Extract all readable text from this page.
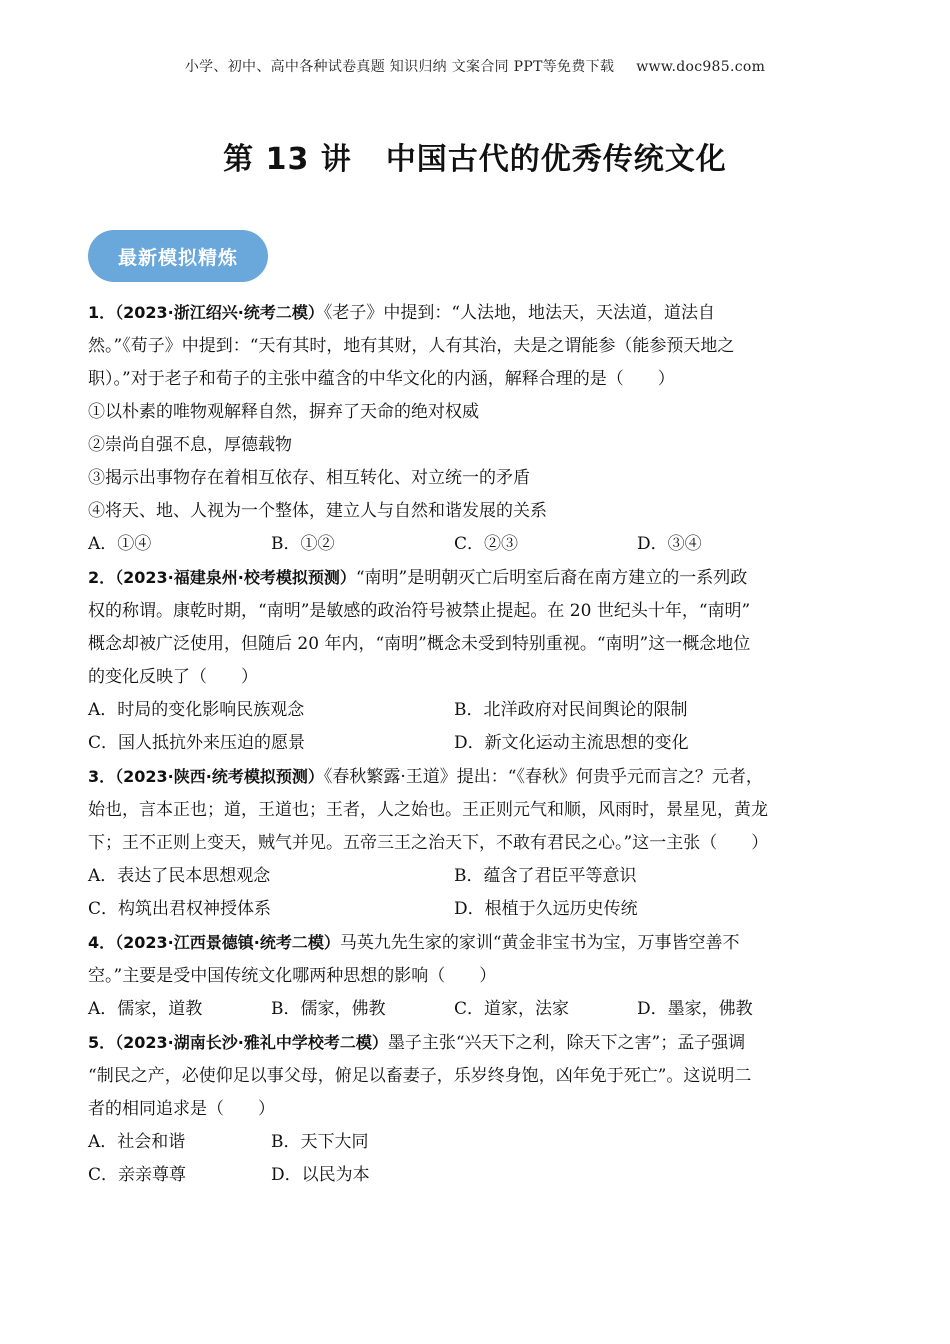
小学、初中、高中各种试卷真题 知识归纳 文案合同 PPT等免费下载 www.doc985.com
第 13 讲 中国古代的优秀传统文化
最新模拟精炼
1．（2023·浙江绍兴·统考二模）《老子》中提到：“人法地，地法天，天法道，道法自
然。”《荀子》中提到：“天有其时，地有其财，人有其治，夫是之谓能参（能参预天地之
职）。”对于老子和荀子的主张中蕴含的中华文化的内涵，解释合理的是（　　）
①以朴素的唯物观解释自然，摒弃了天命的绝对权威
②崇尚自强不息，厚德载物
③揭示出事物存在着相互依存、相互转化、对立统一的矛盾
④将天、地、人视为一个整体，建立人与自然和谐发展的关系
A．①④	B．①②	C．②③	D．③④
2．（2023·福建泉州·校考模拟预测）“南明”是明朝灭亡后明室后裔在南方建立的一系列政
权的称谓。康乾时期，“南明”是敏感的政治符号被禁止提起。在 20 世纪头十年，“南明”
概念却被广泛使用，但随后 20 年内，“南明”概念未受到特别重视。“南明”这一概念地位
的变化反映了（　　）
A．时局的变化影响民族观念	B．北洋政府对民间舆论的限制
C．国人抵抗外来压迫的愿景	D．新文化运动主流思想的变化
3．（2023·陕西·统考模拟预测）《春秋繁露·王道》提出：“《春秋》何贵乎元而言之？元者，
始也，言本正也；道，王道也；王者，人之始也。王正则元气和顺，风雨时，景星见，黄龙
下；王不正则上变天，贼气并见。五帝三王之治天下，不敢有君民之心。”这一主张（　　）
A．表达了民本思想观念	B．蕴含了君臣平等意识
C．构筑出君权神授体系	D．根植于久远历史传统
4．（2023·江西景德镇·统考二模）马英九先生家的家训“黄金非宝书为宝，万事皆空善不
空。”主要是受中国传统文化哪两种思想的影响（　　）
A．儒家，道教	B．儒家，佛教	C．道家，法家	D．墨家，佛教
5．（2023·湖南长沙·雅礼中学校考二模）墨子主张“兴天下之利，除天下之害”；孟子强调
“制民之产，必使仰足以事父母，俯足以畜妻子，乐岁终身饱，凶年免于死亡”。这说明二
者的相同追求是（　　）
A．社会和谐	B．天下大同
C．亲亲尊尊	D．以民为本
